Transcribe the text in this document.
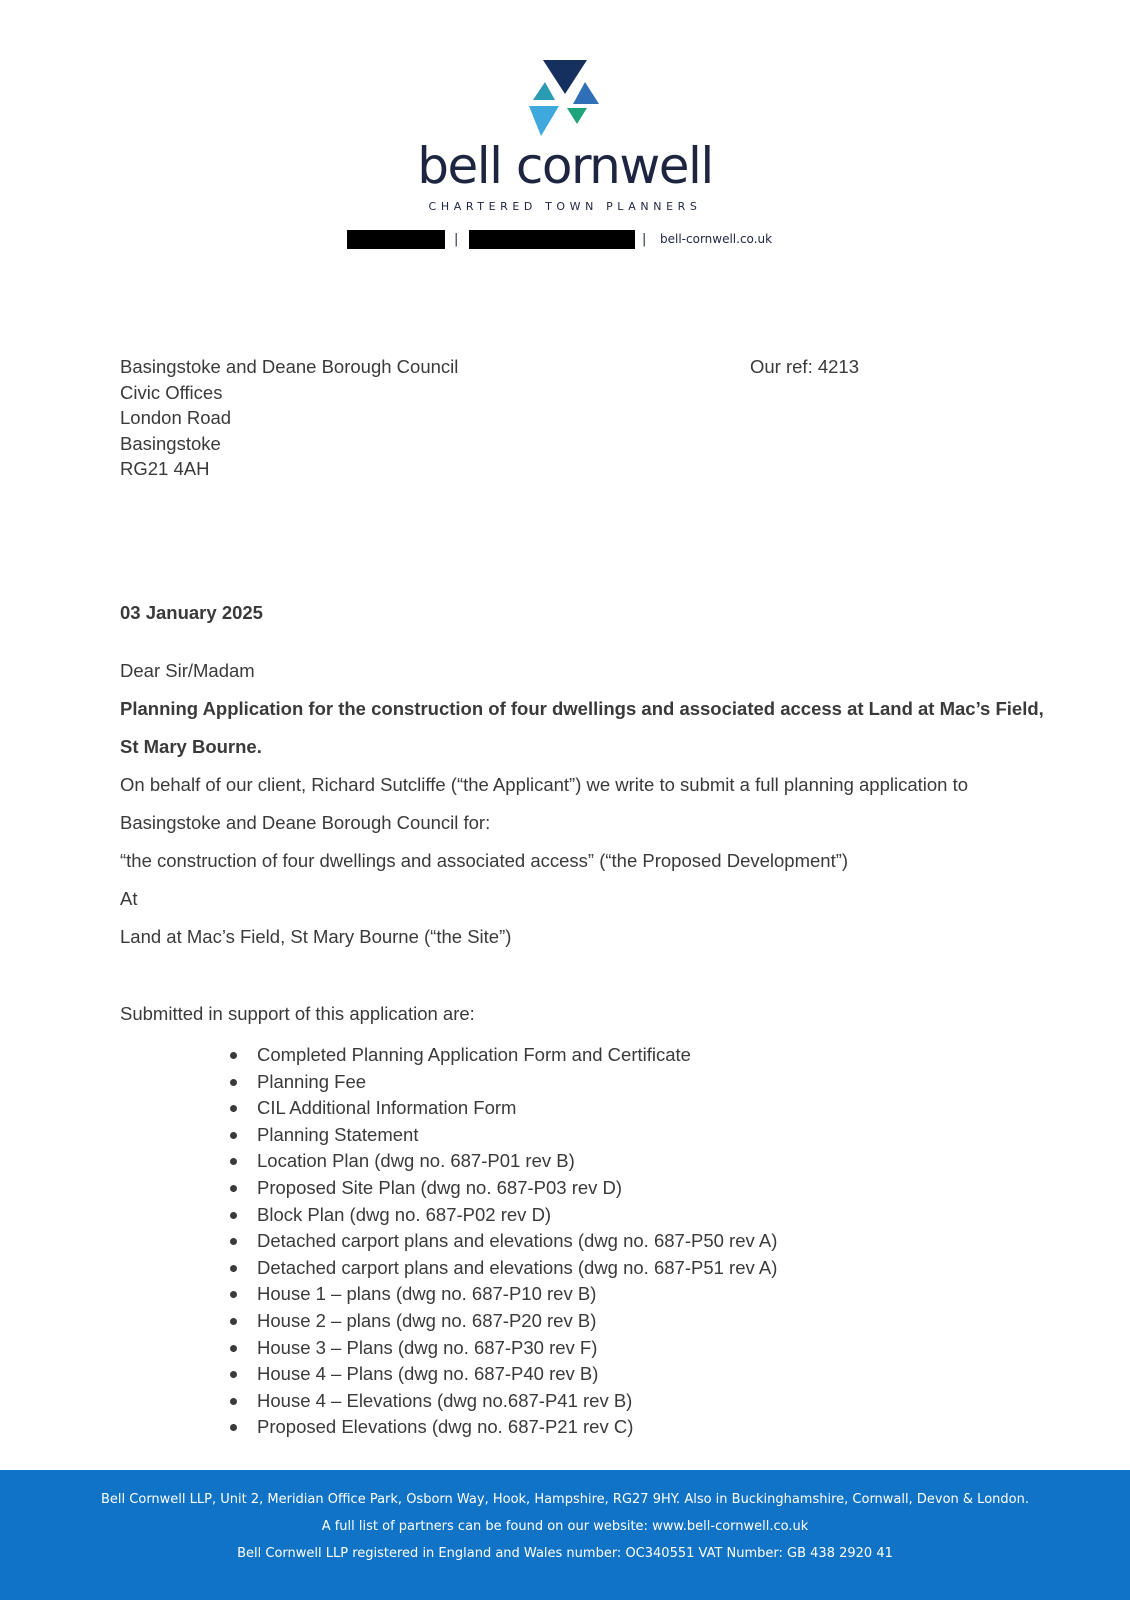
bell cornwell
CHARTERED TOWN PLANNERS
|	| bell-cornwell.co.uk
Basingstoke and Deane Borough Council
Civic Offices
London Road
Basingstoke
RG21 4AH
Our ref: 4213
03 January 2025
Dear Sir/Madam
Planning Application for the construction of four dwellings and associated access at Land at Mac’s Field,
St Mary Bourne.
On behalf of our client, Richard Sutcliffe (“the Applicant”) we write to submit a full planning application to
Basingstoke and Deane Borough Council for:
“the construction of four dwellings and associated access” (“the Proposed Development”)
At
Land at Mac’s Field, St Mary Bourne (“the Site”)
Submitted in support of this application are:
Completed Planning Application Form and Certificate
Planning Fee
CIL Additional Information Form
Planning Statement
Location Plan (dwg no. 687-P01 rev B)
Proposed Site Plan (dwg no. 687-P03 rev D)
Block Plan (dwg no. 687-P02 rev D)
Detached carport plans and elevations (dwg no. 687-P50 rev A)
Detached carport plans and elevations (dwg no. 687-P51 rev A)
House 1 – plans (dwg no. 687-P10 rev B)
House 2 – plans (dwg no. 687-P20 rev B)
House 3 – Plans (dwg no. 687-P30 rev F)
House 4 – Plans (dwg no. 687-P40 rev B)
House 4 – Elevations (dwg no.687-P41 rev B)
Proposed Elevations (dwg no. 687-P21 rev C)
Bell Cornwell LLP, Unit 2, Meridian Office Park, Osborn Way, Hook, Hampshire, RG27 9HY. Also in Buckinghamshire, Cornwall, Devon & London.
A full list of partners can be found on our website: www.bell-cornwell.co.uk
Bell Cornwell LLP registered in England and Wales number: OC340551 VAT Number: GB 438 2920 41
